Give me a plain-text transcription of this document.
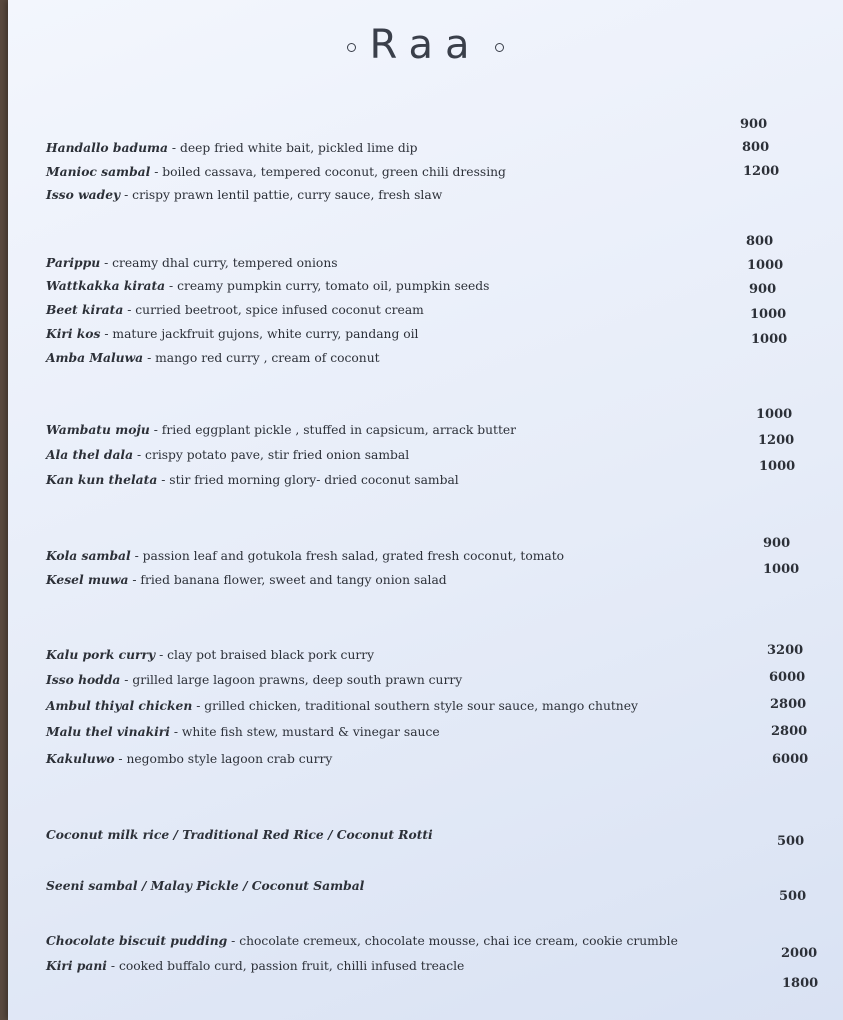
Raa
Handallo baduma - deep fried white bait, pickled lime dip
Manioc sambal - boiled cassava, tempered coconut, green chili dressing
Isso wadey - crispy prawn lentil pattie, curry sauce, fresh slaw
900
800
1200
Parippu - creamy dhal curry, tempered onions
Wattkakka kirata - creamy pumpkin curry, tomato oil, pumpkin seeds
Beet kirata - curried beetroot, spice infused coconut cream
Kiri kos - mature jackfruit gujons, white curry, pandang oil
Amba Maluwa - mango red curry , cream of coconut
800
1000
900
1000
1000
Wambatu moju - fried eggplant pickle , stuffed in capsicum, arrack butter
Ala thel dala - crispy potato pave, stir fried onion sambal
Kan kun thelata - stir fried morning glory- dried coconut sambal
1000
1200
1000
Kola sambal - passion leaf and gotukola fresh salad, grated fresh coconut, tomato
Kesel muwa - fried banana flower, sweet and tangy onion salad
900
1000
Kalu pork curry - clay pot braised black pork curry
Isso hodda - grilled large lagoon prawns, deep south prawn curry
Ambul thiyal chicken - grilled chicken, traditional southern style sour sauce, mango chutney
Malu thel vinakiri - white fish stew, mustard & vinegar sauce
Kakuluwo - negombo style lagoon crab curry
3200
6000
2800
2800
6000
Coconut milk rice / Traditional Red Rice / Coconut Rotti	500
Seeni sambal / Malay Pickle / Coconut Sambal
500
Chocolate biscuit pudding - chocolate cremeux, chocolate mousse, chai ice cream, cookie crumble
Kiri pani - cooked buffalo curd, passion fruit, chilli infused treacle
2000
1800
